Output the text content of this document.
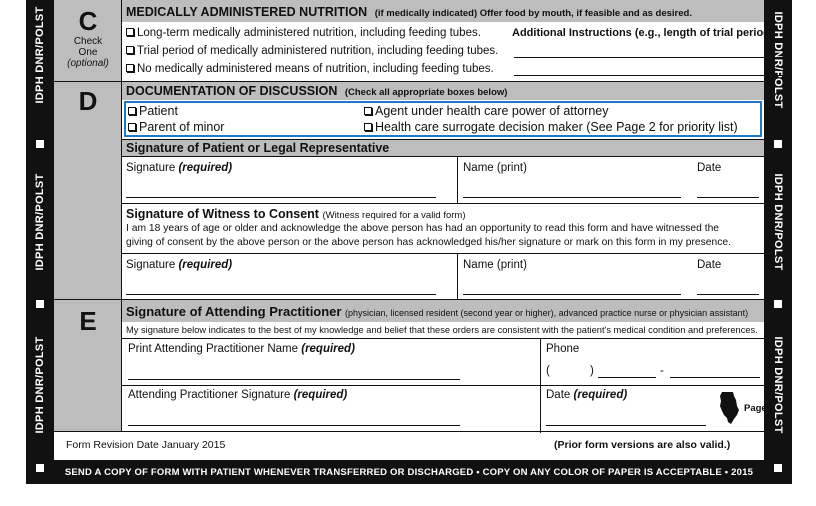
IDPH DNR/POLST
IDPH DNR/POLST
IDPH DNR/POLST
IDPH DNR/POLST
IDPH DNR/POLST
IDPH DNR/POLST
C
Check
One
(optional)
MEDICALLY ADMINISTERED NUTRITION (if medically indicated) Offer food by mouth, if feasible and as desired.
Long-term medically administered nutrition, including feeding tubes.
Trial period of medically administered nutrition, including feeding tubes.
No medically administered means of nutrition, including feeding tubes.
Additional Instructions (e.g., length of trial period)
D	DOCUMENTATION OF DISCUSSION (Check all appropriate boxes below)
Patient
Parent of minor
Agent under health care power of attorney
Health care surrogate decision maker (See Page 2 for priority list)
Signature of Patient or Legal Representative
Signature (required)	Name (print)	Date
Signature of Witness to Consent (Witness required for a valid form)
I am 18 years of age or older and acknowledge the above person has had an opportunity to read this form and have witnessed the
giving of consent by the above person or the above person has acknowledged his/her signature or mark on this form in my presence.
Signature (required)	Name (print)	Date
E	Signature of Attending Practitioner (physician, licensed resident (second year or higher), advanced practice nurse or physician assistant)
My signature below indicates to the best of my knowledge and belief that these orders are consistent with the patient's medical condition and preferences.
Print Attending Practitioner Name (required)	Phone
(	)	-
Attending Practitioner Signature (required)	Date (required)
Page 1
Form Revision Date January 2015	(Prior form versions are also valid.)
SEND A COPY OF FORM WITH PATIENT WHENEVER TRANSFERRED OR DISCHARGED • COPY ON ANY COLOR OF PAPER IS ACCEPTABLE • 2015
